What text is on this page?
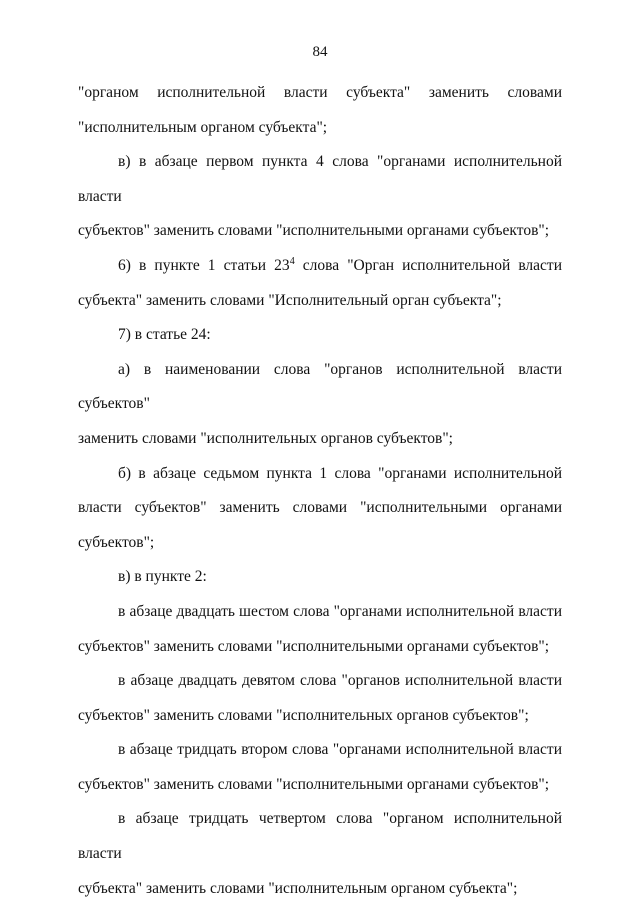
84
"органом исполнительной власти субъекта" заменить словами
"исполнительным органом субъекта";
в) в абзаце первом пункта 4 слова "органами исполнительной власти
субъектов" заменить словами "исполнительными органами субъектов";
6) в пункте 1 статьи $23^4$ слова "Орган исполнительной власти
субъекта" заменить словами "Исполнительный орган субъекта";
7) в статье 24:
а) в наименовании слова "органов исполнительной власти субъектов"
заменить словами "исполнительных органов субъектов";
б) в абзаце седьмом пункта 1 слова "органами исполнительной
власти субъектов" заменить словами "исполнительными органами
субъектов";
в) в пункте 2:
в абзаце двадцать шестом слова "органами исполнительной власти
субъектов" заменить словами "исполнительными органами субъектов";
в абзаце двадцать девятом слова "органов исполнительной власти
субъектов" заменить словами "исполнительных органов субъектов";
в абзаце тридцать втором слова "органами исполнительной власти
субъектов" заменить словами "исполнительными органами субъектов";
в абзаце тридцать четвертом слова "органом исполнительной власти
субъекта" заменить словами "исполнительным органом субъекта";
